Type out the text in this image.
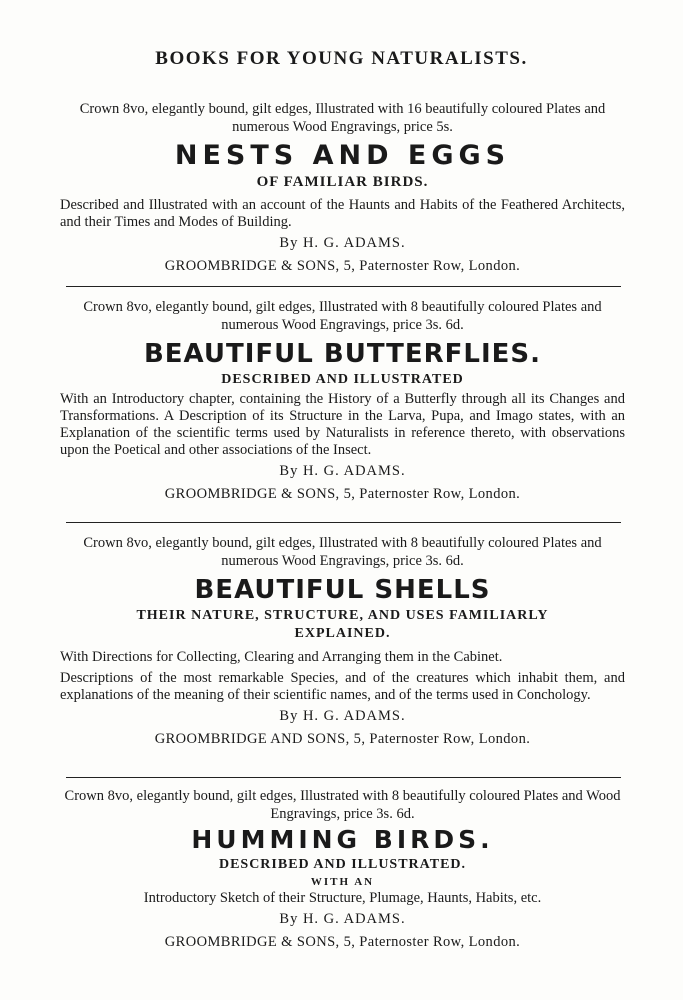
BOOKS FOR YOUNG NATURALISTS.
Crown 8vo, elegantly bound, gilt edges, Illustrated with 16 beautifully coloured Plates and numerous Wood Engravings, price 5s.
NESTS AND EGGS
OF FAMILIAR BIRDS.
Described and Illustrated with an account of the Haunts and Habits of the Feathered Architects, and their Times and Modes of Building.
By H. G. ADAMS.
GROOMBRIDGE & SONS, 5, Paternoster Row, London.
Crown 8vo, elegantly bound, gilt edges, Illustrated with 8 beautifully coloured Plates and numerous Wood Engravings, price 3s. 6d.
BEAUTIFUL BUTTERFLIES.
DESCRIBED AND ILLUSTRATED
With an Introductory chapter, containing the History of a Butterfly through all its Changes and Transformations. A Description of its Structure in the Larva, Pupa, and Imago states, with an Explanation of the scientific terms used by Naturalists in reference thereto, with observations upon the Poetical and other associations of the Insect.
By H. G. ADAMS.
GROOMBRIDGE & SONS, 5, Paternoster Row, London.
Crown 8vo, elegantly bound, gilt edges, Illustrated with 8 beautifully coloured Plates and numerous Wood Engravings, price 3s. 6d.
BEAUTIFUL SHELLS
THEIR NATURE, STRUCTURE, AND USES FAMILIARLY EXPLAINED.
With Directions for Collecting, Clearing and Arranging them in the Cabinet.
Descriptions of the most remarkable Species, and of the creatures which inhabit them, and explanations of the meaning of their scientific names, and of the terms used in Conchology.
By H. G. ADAMS.
GROOMBRIDGE AND SONS, 5, Paternoster Row, London.
Crown 8vo, elegantly bound, gilt edges, Illustrated with 8 beautifully coloured Plates and Wood Engravings, price 3s. 6d.
HUMMING BIRDS.
DESCRIBED AND ILLUSTRATED.
WITH AN
Introductory Sketch of their Structure, Plumage, Haunts, Habits, etc.
By H. G. ADAMS.
GROOMBRIDGE & SONS, 5, Paternoster Row, London.
